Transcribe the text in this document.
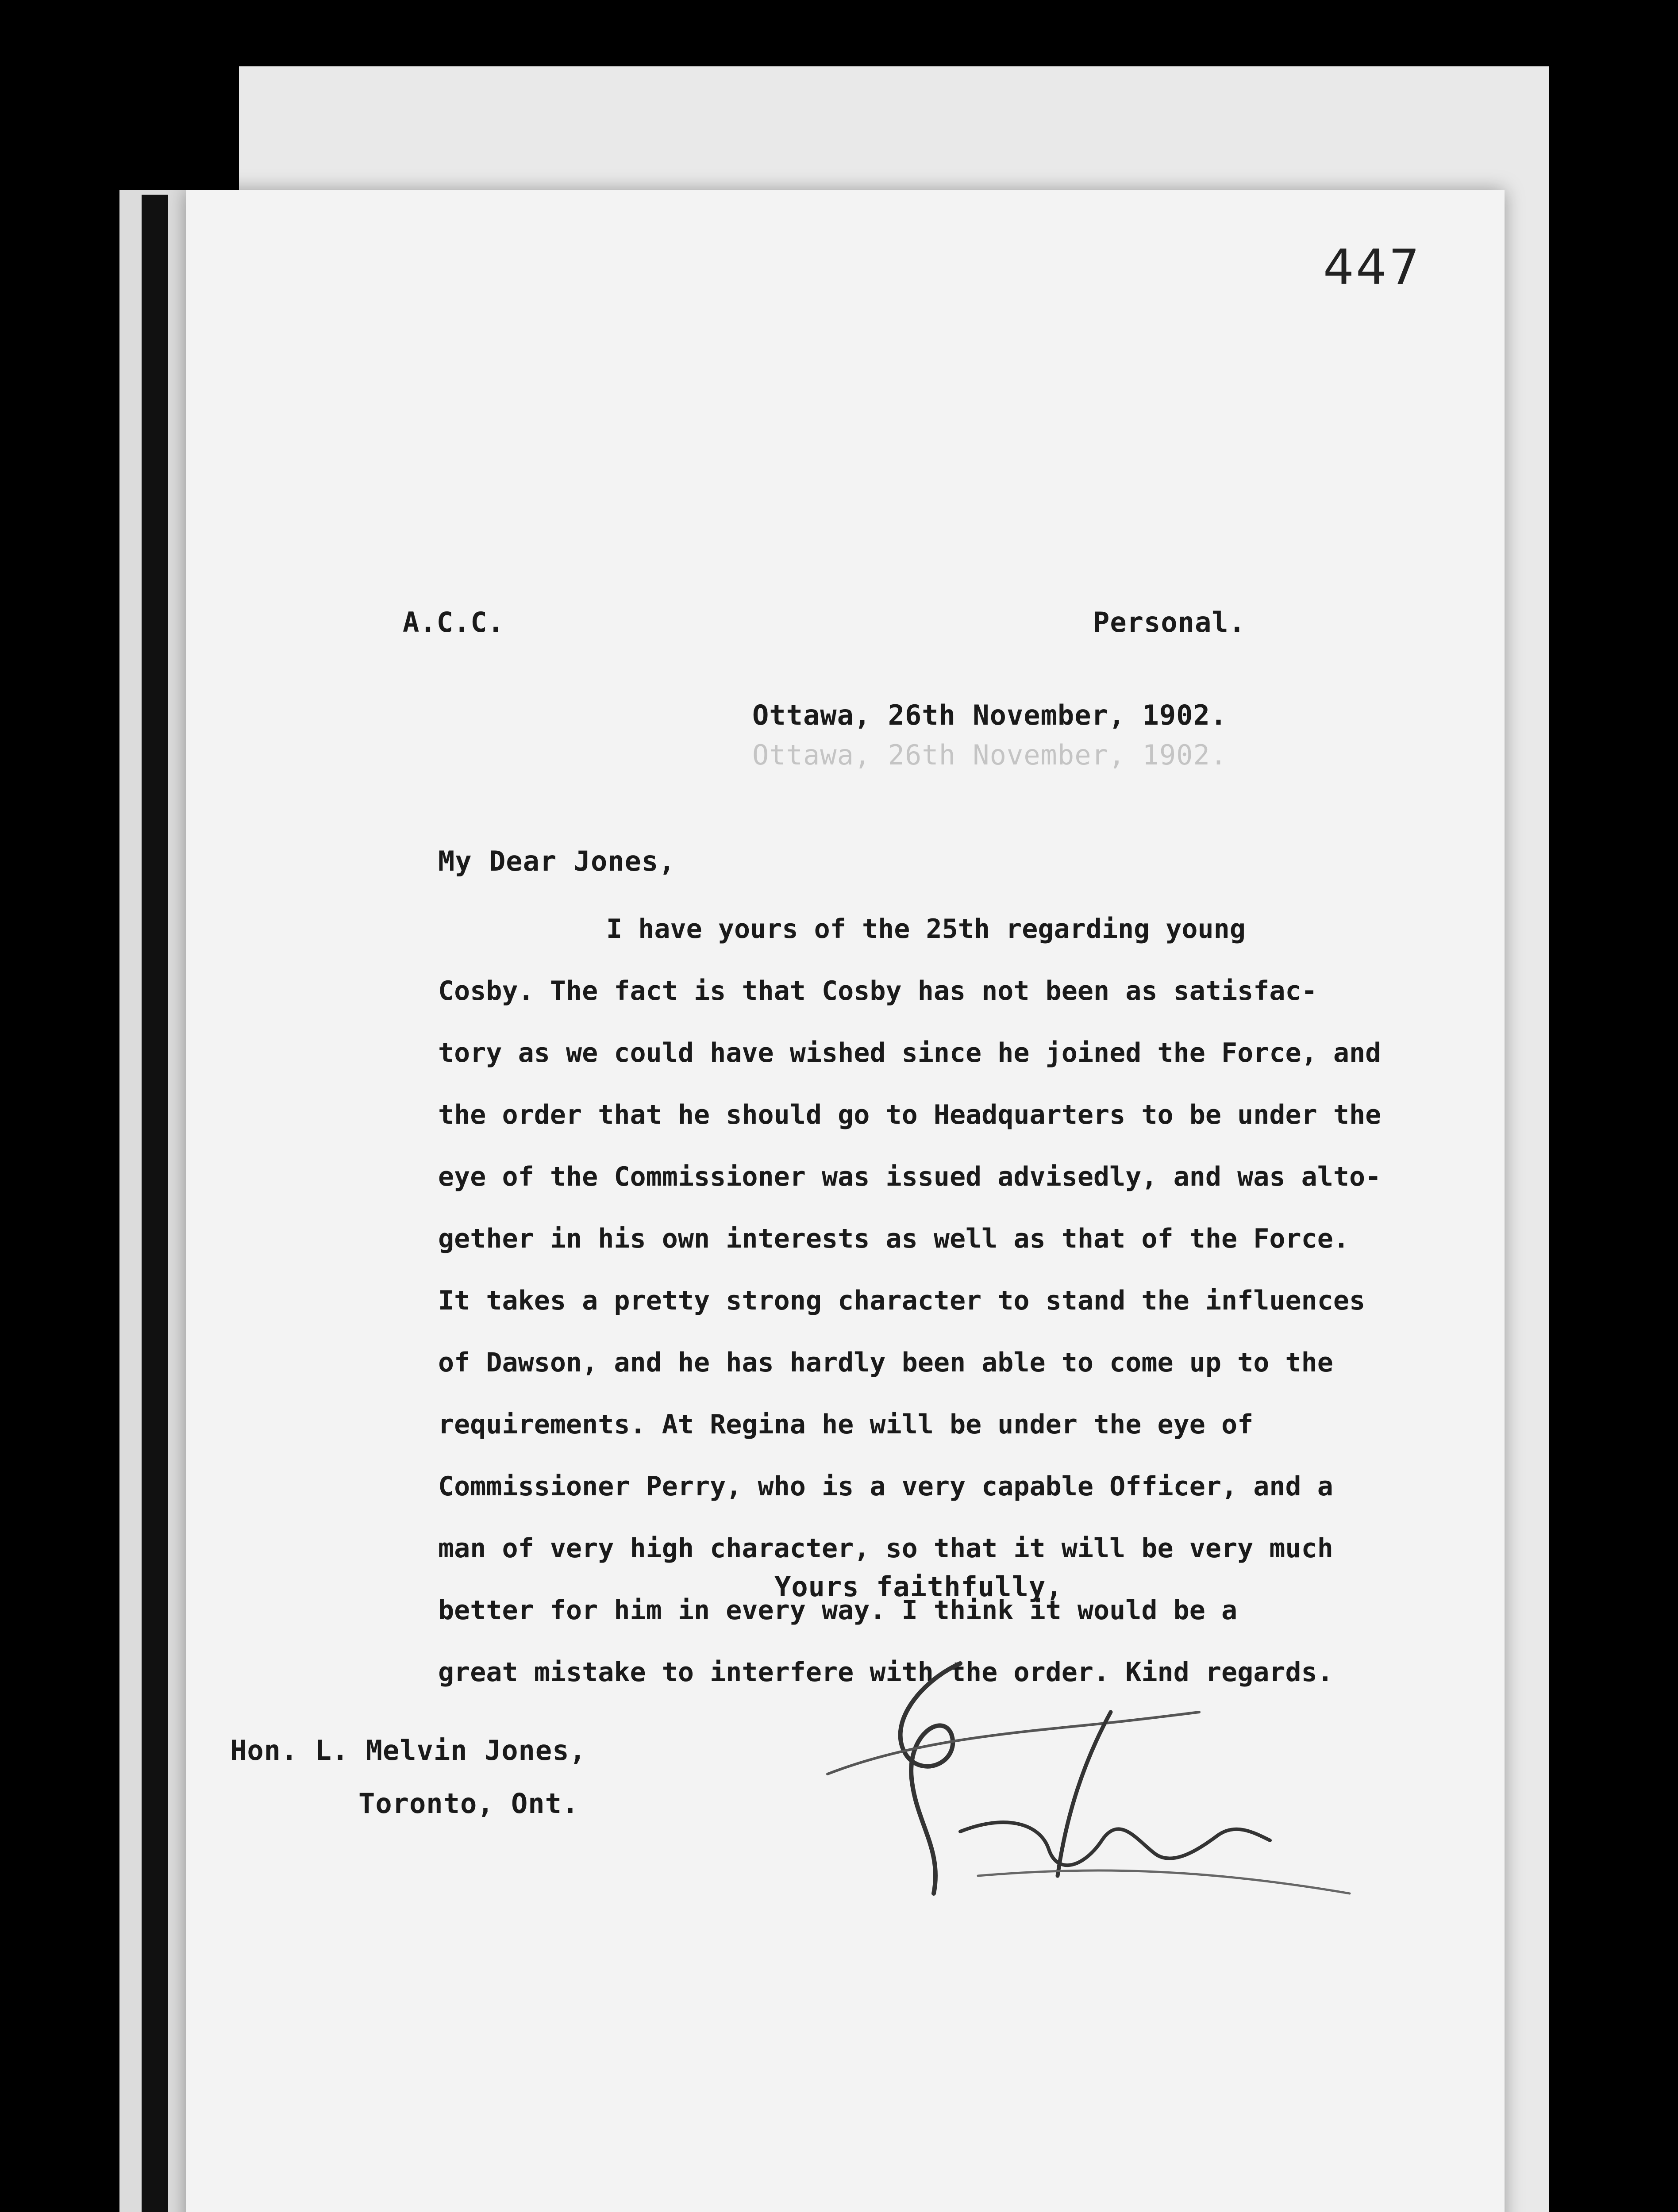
447
A.C.C.	Personal.
Ottawa, 26th November, 1902.
Ottawa, 26th November, 1902.
My Dear Jones,
I have yours of the 25th regarding young
Cosby. The fact is that Cosby has not been as satisfac-
tory as we could have wished since he joined the Force, and
the order that he should go to Headquarters to be under the
eye of the Commissioner was issued advisedly, and was alto-
gether in his own interests as well as that of the Force.
It takes a pretty strong character to stand the influences
of Dawson, and he has hardly been able to come up to the
requirements. At Regina he will be under the eye of
Commissioner Perry, who is a very capable Officer, and a
man of very high character, so that it will be very much
better for him in every way. I think it would be a
great mistake to interfere with the order. Kind regards.
Yours faithfully,
Hon. L. Melvin Jones,
Toronto, Ont.
